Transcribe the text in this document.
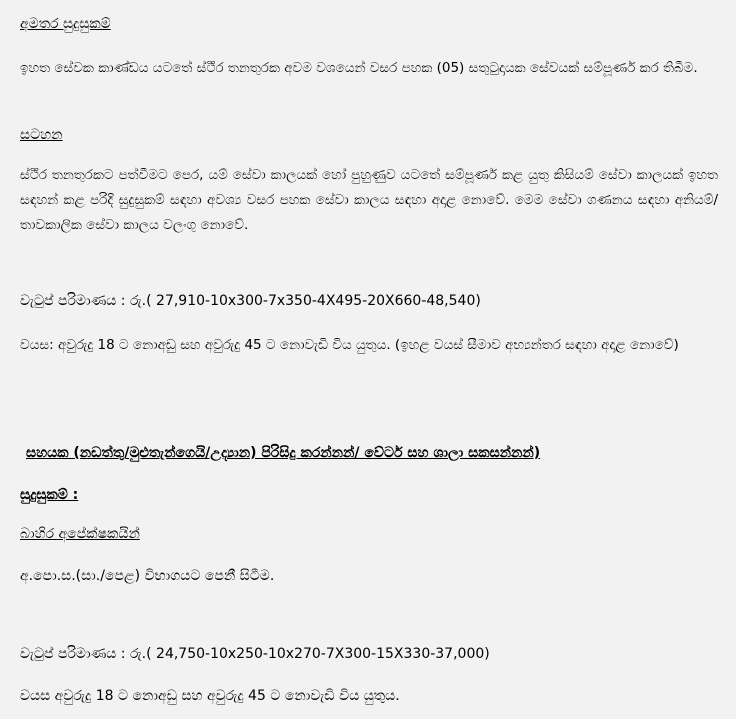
අමතර සුදුසුකම්
ඉහත සේවක කාණ්ඩය යටතේ ස්ථිර තනතුරක අවම වශයෙන් වසර පහක (05) සතුටුදායක සේවයක් සම්පූර්ණ කර තිබීම.
සටහන
ස්ථිර තනතුරකට පත්වීමට පෙර, යම් සේවා කාලයක් හෝ පුහුණුව යටතේ සම්පූර්ණ කළ යුතු කිසියම් සේවා කාලයක් ඉහත සඳහන් කළ පරිදි සුදුසුකම් සඳහා අවශ්‍ය වසර පහක සේවා කාලය සඳහා අදාළ නොවේ. මෙම සේවා ගණනය සඳහා අනියම්/තාවකාලික සේවා කාලය වලංගු නොවේ.
වැටුප් පරිමාණය : රු.( 27,910-10x300-7x350-4X495-20X660-48,540)
වයස: අවුරුදු 18 ට නොඅඩු සහ අවුරුදු 45 ට නොවැඩි විය යුතුය. (ඉහළ වයස් සීමාව අභ්‍යන්තර සඳහා අදාළ නොවේ)
සහයක (නඩත්තු/මුළුතැන්ගෙයි/උද්‍යාන) පිරිසිදු කරන්නන්/ වේටර් සහ ශාලා සකසන්නන්)
සුදුසුකම් :
බාහිර අපේක්ෂකයින්
අ.පො.ස.(සා./පෙළ) විභාගයට පෙනී සිටීම.
වැටුප් පරිමාණය : රු.( 24,750-10x250-10x270-7X300-15X330-37,000)
වයස අවුරුදු 18 ට නොඅඩු සහ අවුරුදු 45 ට නොවැඩි විය යුතුය.
